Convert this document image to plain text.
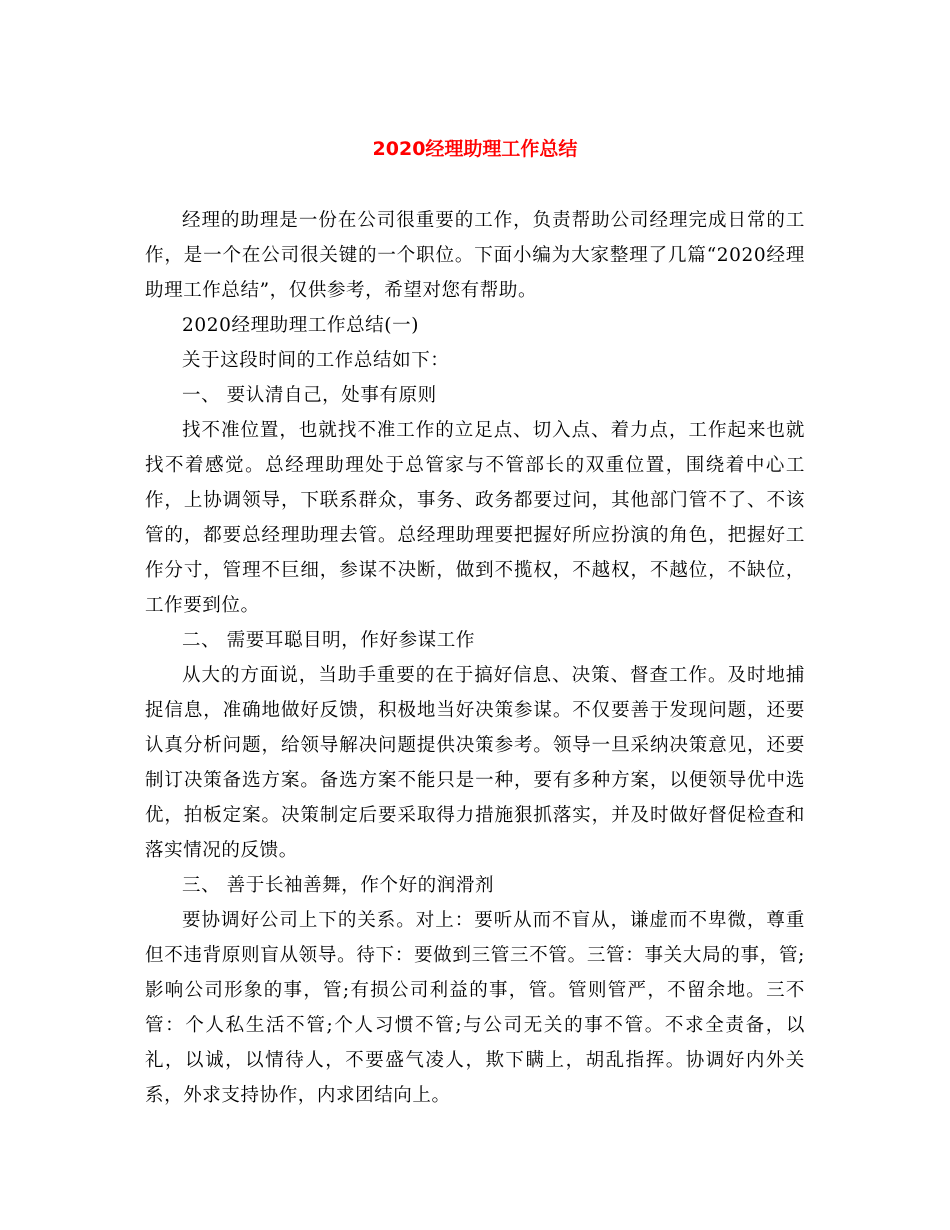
2020经理助理工作总结

经理的助理是一份在公司很重要的工作，负责帮助公司经理完成日常的工作，是一个在公司很关键的一个职位。下面小编为大家整理了几篇“2020经理助理工作总结”，仅供参考，希望对您有帮助。

2020经理助理工作总结(一)

关于这段时间的工作总结如下：

一、 要认清自己，处事有原则

找不准位置，也就找不准工作的立足点、切入点、着力点，工作起来也就找不着感觉。总经理助理处于总管家与不管部长的双重位置，围绕着中心工作，上协调领导，下联系群众，事务、政务都要过问，其他部门管不了、不该管的，都要总经理助理去管。总经理助理要把握好所应扮演的角色，把握好工作分寸，管理不巨细，参谋不决断，做到不揽权，不越权，不越位，不缺位，工作要到位。

二、 需要耳聪目明，作好参谋工作

从大的方面说，当助手重要的在于搞好信息、决策、督查工作。及时地捕捉信息，准确地做好反馈，积极地当好决策参谋。不仅要善于发现问题，还要认真分析问题，给领导解决问题提供决策参考。领导一旦采纳决策意见，还要制订决策备选方案。备选方案不能只是一种，要有多种方案，以便领导优中选优，拍板定案。决策制定后要采取得力措施狠抓落实，并及时做好督促检查和落实情况的反馈。

三、 善于长袖善舞，作个好的润滑剂

要协调好公司上下的关系。对上：要听从而不盲从，谦虚而不卑微，尊重但不违背原则盲从领导。待下：要做到三管三不管。三管：事关大局的事，管;影响公司形象的事，管;有损公司利益的事，管。管则管严，不留余地。三不管：个人私生活不管;个人习惯不管;与公司无关的事不管。不求全责备，以礼，以诚，以情待人，不要盛气凌人，欺下瞒上，胡乱指挥。协调好内外关系，外求支持协作，内求团结向上。
